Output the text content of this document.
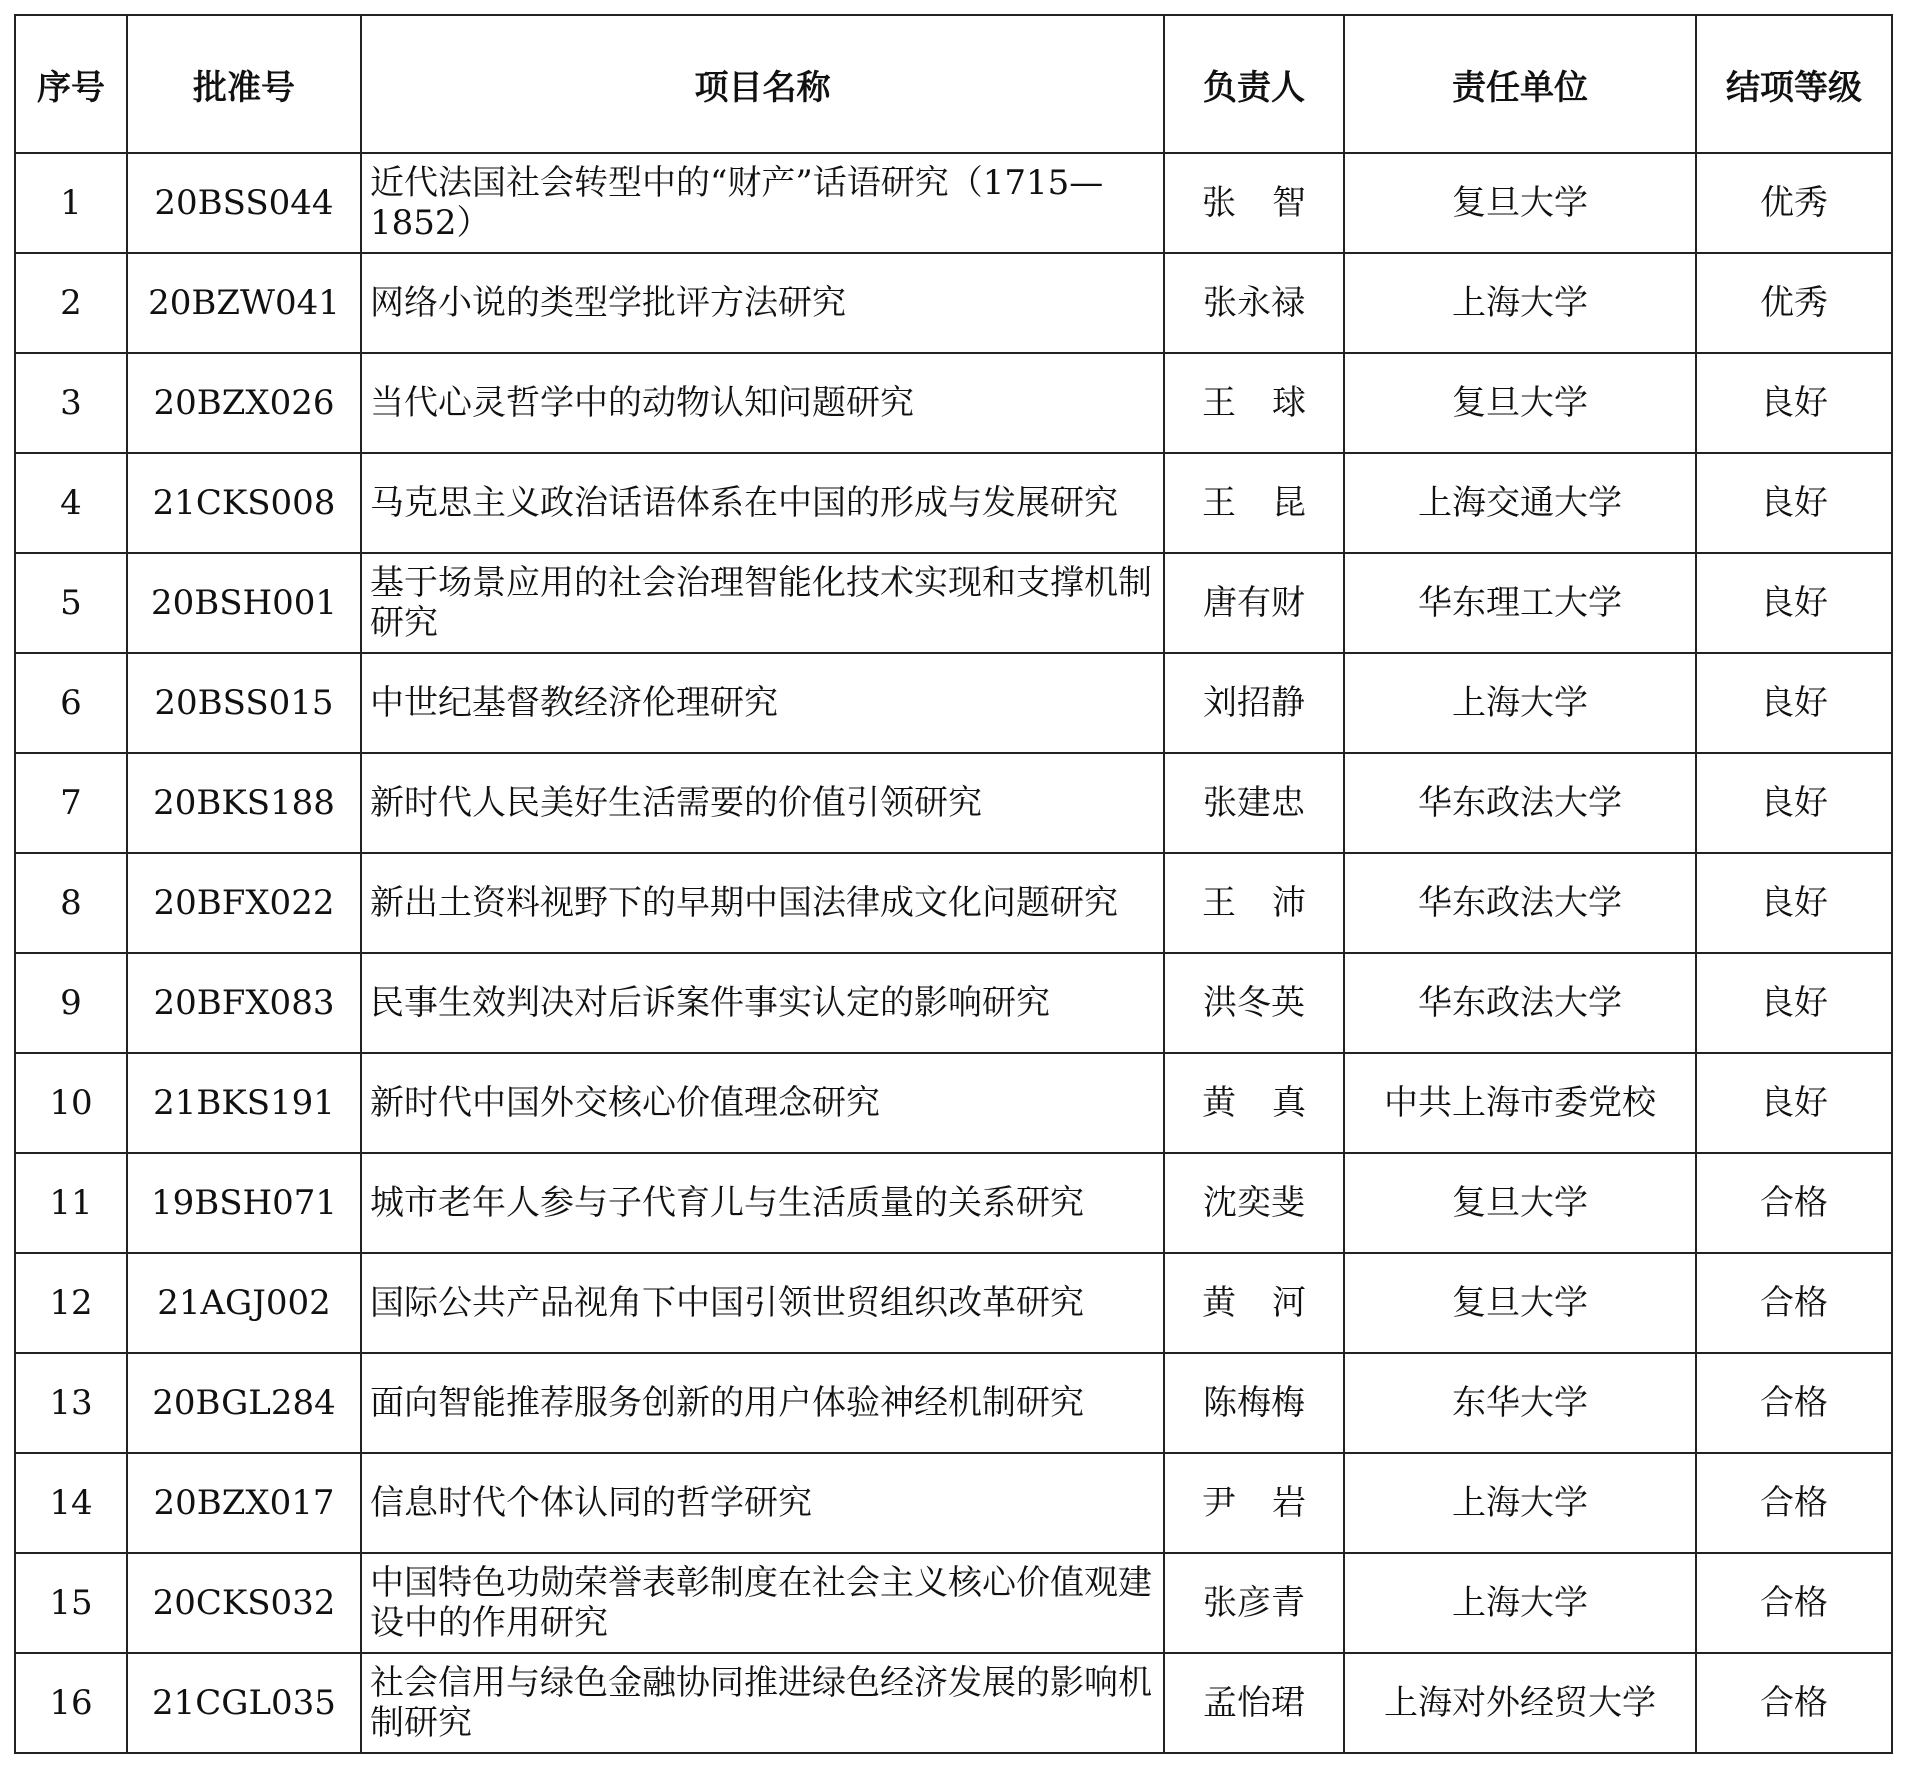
序号	批准号	项目名称	负责人	责任单位	结项等级
1	20BSS044	近代法国社会转型中的“财产”话语研究（1715—1852）	张智	复旦大学	优秀
2	20BZW041	网络小说的类型学批评方法研究	张永禄	上海大学	优秀
3	20BZX026	当代心灵哲学中的动物认知问题研究	王球	复旦大学	良好
4	21CKS008	马克思主义政治话语体系在中国的形成与发展研究	王昆	上海交通大学	良好
5	20BSH001	基于场景应用的社会治理智能化技术实现和支撑机制研究	唐有财	华东理工大学	良好
6	20BSS015	中世纪基督教经济伦理研究	刘招静	上海大学	良好
7	20BKS188	新时代人民美好生活需要的价值引领研究	张建忠	华东政法大学	良好
8	20BFX022	新出土资料视野下的早期中国法律成文化问题研究	王沛	华东政法大学	良好
9	20BFX083	民事生效判决对后诉案件事实认定的影响研究	洪冬英	华东政法大学	良好
10	21BKS191	新时代中国外交核心价值理念研究	黄真	中共上海市委党校	良好
11	19BSH071	城市老年人参与子代育儿与生活质量的关系研究	沈奕斐	复旦大学	合格
12	21AGJ002	国际公共产品视角下中国引领世贸组织改革研究	黄河	复旦大学	合格
13	20BGL284	面向智能推荐服务创新的用户体验神经机制研究	陈梅梅	东华大学	合格
14	20BZX017	信息时代个体认同的哲学研究	尹岩	上海大学	合格
15	20CKS032	中国特色功勋荣誉表彰制度在社会主义核心价值观建设中的作用研究	张彦青	上海大学	合格
16	21CGL035	社会信用与绿色金融协同推进绿色经济发展的影响机制研究	孟怡珺	上海对外经贸大学	合格
